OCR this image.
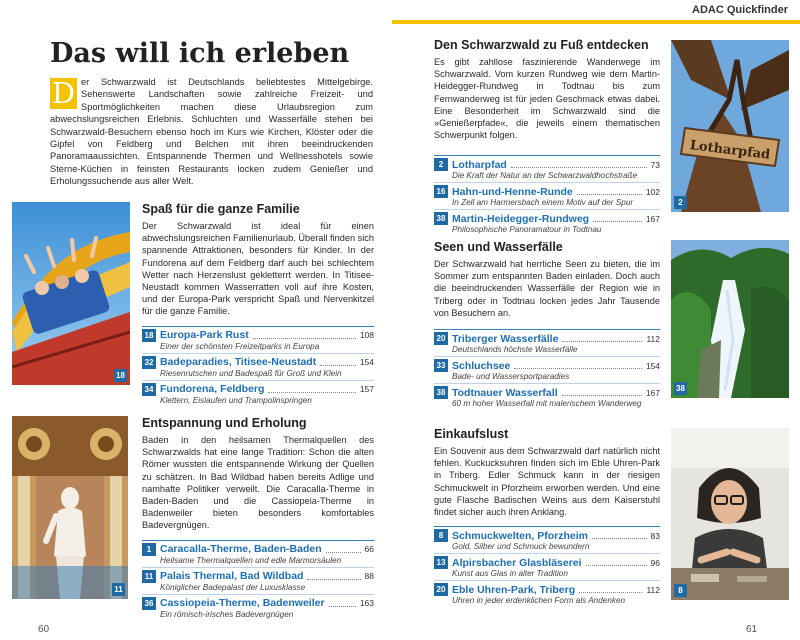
ADAC Quickfinder
Das will ich erleben
D er Schwarzwald ist Deutschlands beliebtestes Mittelgebirge. Sehenswerte Landschaften sowie zahlreiche Freizeit- und Sportmöglichkeiten machen diese Urlaubsregion zum abwechslungsreichen Erlebnis. Schluchten und Wasserfälle stehen bei Schwarzwald-Besuchern ebenso hoch im Kurs wie Kirchen, Klöster oder die Gipfel von Feldberg und Belchen mit ihren beeindruckenden Panoramaaussichten. Entspannende Thermen und Wellnesshotels sowie Sterne-Küchen in feinsten Restaurants locken zudem Genießer und Erholungssuchende aus aller Welt.
18
Spaß für die ganze Familie
Der Schwarzwald ist ideal für einen abwechslungsreichen Familienurlaub. Überall finden sich spannende Attraktionen, besonders für Kinder. In der Fundorena auf dem Feldberg darf auch bei schlechtem Wetter nach Herzenslust gekletterrt werden. In Titisee-Neustadt kommen Wasserratten voll auf ihre Kosten, und der Europa-Park verspricht Spaß und Nervenkitzel für die ganze Familie.
18 Europa-Park Rust	108
Einer der schönsten Freizeitparks in Europa
32 Badeparadies, Titisee-Neustadt	154
Riesenrutschen und Badespaß für Groß und Klein
34 Fundorena, Feldberg	157
Klettern, Eislaufen und Trampolinspringen
11
Entspannung und Erholung
Baden in den heilsamen Thermalquellen des Schwarzwalds hat eine lange Tradition: Schon die alten Römer wussten die entspannende Wirkung der Quellen zu schätzen. In Bad Wildbad haben bereits Adlige und namhafte Politiker verweilt. Die Caracalla-Therme in Baden-Baden und die Cassiopeia-Therme in Badenweiler bieten besonders komfortables Badevergnügen.
1 Caracalla-Therme, Baden-Baden	66
Heilsame Thermalquellen und edle Marmorsäulen
11 Palais Thermal, Bad Wildbad	88
Königlicher Badepalast der Luxusklasse
36 Cassiopeia-Therme, Badenweiler	163
Ein römisch-irisches Badevergnügen
Den Schwarzwald zu Fuß entdecken
Es gibt zahllose faszinierende Wanderwege im Schwarzwald. Vom kurzen Rundweg wie dem Martin-Heidegger-Rundweg in Todtnau bis zum Fernwanderweg ist für jeden Geschmack etwas dabei. Eine Besonderheit im Schwarzwald sind die »Genießerpfade«, die jeweils einem thematischen Schwerpunkt folgen.
2 Lotharpfad	73
Die Kraft der Natur an der Schwarzwaldhochstraße
16 Hahn-und-Henne-Runde	102
In Zell am Harmersbach einem Motiv auf der Spur
38 Martin-Heidegger-Rundweg	167
Philosophische Panoramatour in Todtnau
Lotharpfad
2
Seen und Wasserfälle
Der Schwarzwald hat herrliche Seen zu bieten, die im Sommer zum entspannten Baden einladen. Doch auch die beeindruckenden Wasserfälle der Region wie in Triberg oder in Todtnau locken jedes Jahr Tausende von Besuchern an.
20 Triberger Wasserfälle	112
Deutschlands höchste Wasserfälle
33 Schluchsee	154
Bade- und Wassersportparadies
38 Todtnauer Wasserfall	167
60 m hoher Wasserfall mit malerischem Wanderweg
38
Einkaufslust
Ein Souvenir aus dem Schwarzwald darf natürlich nicht fehlen. Kuckucksuhren finden sich im Eble Uhren-Park in Triberg. Edler Schmuck kann in der riesigen Schmuckwelt in Pforzheim erworben werden. Und eine gute Flasche Badischen Weins aus dem Kaiserstuhl findet sicher auch ihren Anklang.
8 Schmuckwelten, Pforzheim	83
Gold, Silber und Schmuck bewundern
13 Alpirsbacher Glasbläserei	96
Kunst aus Glas in alter Tradition
20 Eble Uhren-Park, Triberg	112
Uhren in jeder erdenklichen Form als Andenken
8
60	61
